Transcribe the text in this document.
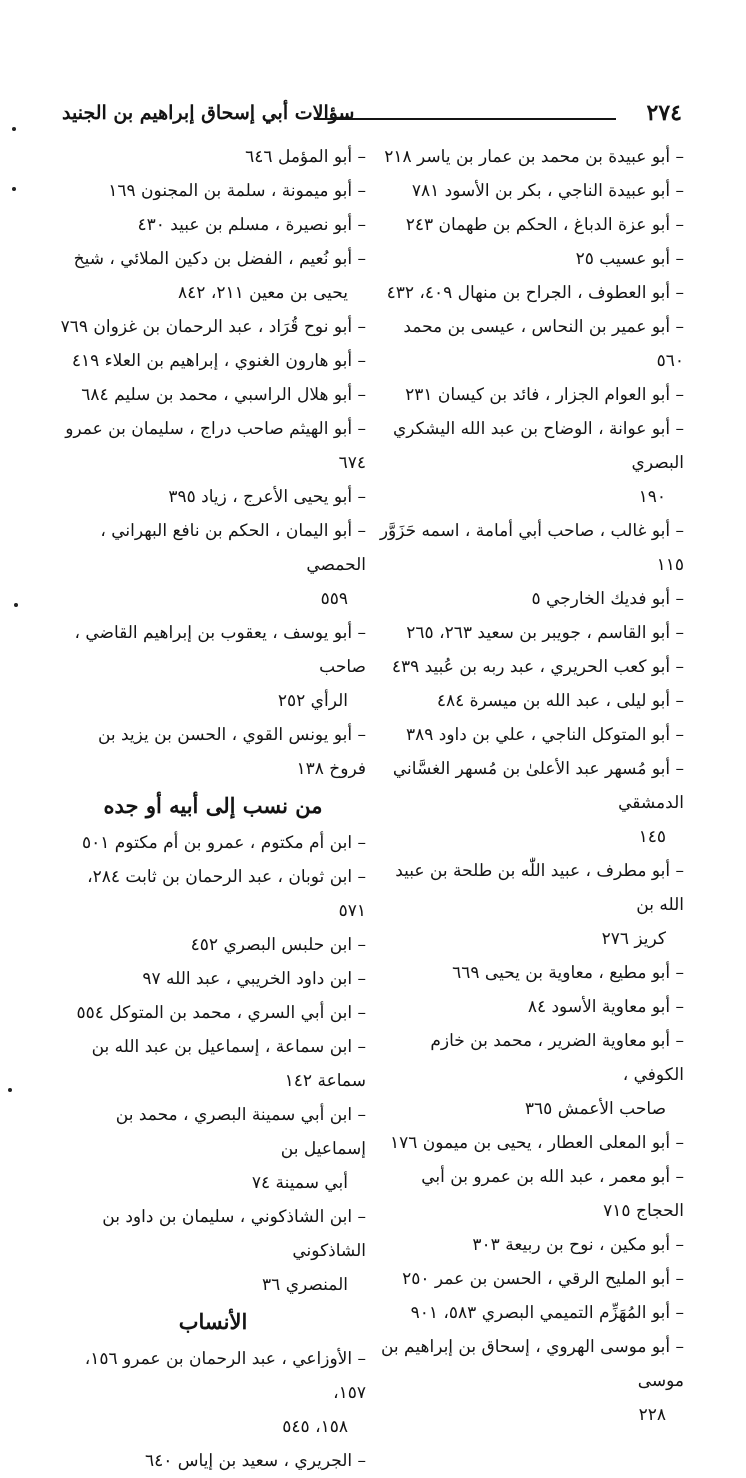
٢٧٤
سؤالات أبي إسحاق إبراهيم بن الجنيد
– أبو عبيدة بن محمد بن عمار بن ياسر ٢١٨
– أبو عبيدة الناجي ، بكر بن الأسود ٧٨١
– أبو عزة الدباغ ، الحكم بن طهمان ٢٤٣
– أبو عسيب ٢٥
– أبو العطوف ، الجراح بن منهال ٤٠٩، ٤٣٢
– أبو عمير بن النحاس ، عيسى بن محمد ٥٦٠
– أبو العوام الجزار ، فائد بن كيسان ٢٣١
– أبو عوانة ، الوضاح بن عبد الله اليشكري البصري
١٩٠
– أبو غالب ، صاحب أبي أمامة ، اسمه حَزَوَّر ١١٥
– أبو فديك الخارجي ٥
– أبو القاسم ، جويبر بن سعيد ٢٦٣، ٢٦٥
– أبو كعب الحريري ، عبد ربه بن عُبيد ٤٣٩
– أبو ليلى ، عبد الله بن ميسرة ٤٨٤
– أبو المتوكل الناجي ، علي بن داود ٣٨٩
– أبو مُسهر عبد الأعلىٰ بن مُسهر الغسَّاني الدمشقي
١٤٥
– أبو مطرف ، عبيد اللّٰه بن طلحة بن عبيد الله بن
كريز ٢٧٦
– أبو مطيع ، معاوية بن يحيى ٦٦٩
– أبو معاوية الأسود ٨٤
– أبو معاوية الضرير ، محمد بن خازم الكوفي ،
صاحب الأعمش ٣٦٥
– أبو المعلى العطار ، يحيى بن ميمون ١٧٦
– أبو معمر ، عبد الله بن عمرو بن أبي الحجاج ٧١٥
– أبو مكين ، نوح بن ربيعة ٣٠٣
– أبو المليح الرقي ، الحسن بن عمر ٢٥٠
– أبو المُهَزِّم التميمي البصري ٥٨٣، ٩٠١
– أبو موسى الهروي ، إسحاق بن إبراهيم بن موسى
٢٢٨
– أبو المؤمل ٦٤٦
– أبو ميمونة ، سلمة بن المجنون ١٦٩
– أبو نصيرة ، مسلم بن عبيد ٤٣٠
– أبو نُعيم ، الفضل بن دكين الملائي ، شيخ
يحيى بن معين ٢١١، ٨٤٢
– أبو نوح قُرَاد ، عبد الرحمان بن غزوان ٧٦٩
– أبو هارون الغنوي ، إبراهيم بن العلاء ٤١٩
– أبو هلال الراسبي ، محمد بن سليم ٦٨٤
– أبو الهيثم صاحب دراج ، سليمان بن عمرو ٦٧٤
– أبو يحيى الأعرج ، زياد ٣٩٥
– أبو اليمان ، الحكم بن نافع البهراني ، الحمصي
٥٥٩
– أبو يوسف ، يعقوب بن إبراهيم القاضي ، صاحب
الرأي ٢٥٢
– أبو يونس القوي ، الحسن بن يزيد بن فروخ ١٣٨
من نسب إلى أبيه أو جده
– ابن أم مكتوم ، عمرو بن أم مكتوم ٥٠١
– ابن ثوبان ، عبد الرحمان بن ثابت ٢٨٤، ٥٧١
– ابن حلبس البصري ٤٥٢
– ابن داود الخريبي ، عبد الله ٩٧
– ابن أبي السري ، محمد بن المتوكل ٥٥٤
– ابن سماعة ، إسماعيل بن عبد الله بن سماعة ١٤٢
– ابن أبي سمينة البصري ، محمد بن إسماعيل بن
أبي سمينة ٧٤
– ابن الشاذكوني ، سليمان بن داود بن الشاذكوني
المنصري ٣٦
الأنساب
– الأوزاعي ، عبد الرحمان بن عمرو ١٥٦، ١٥٧،
١٥٨، ٥٤٥
– الجريري ، سعيد بن إياس ٦٤٠
